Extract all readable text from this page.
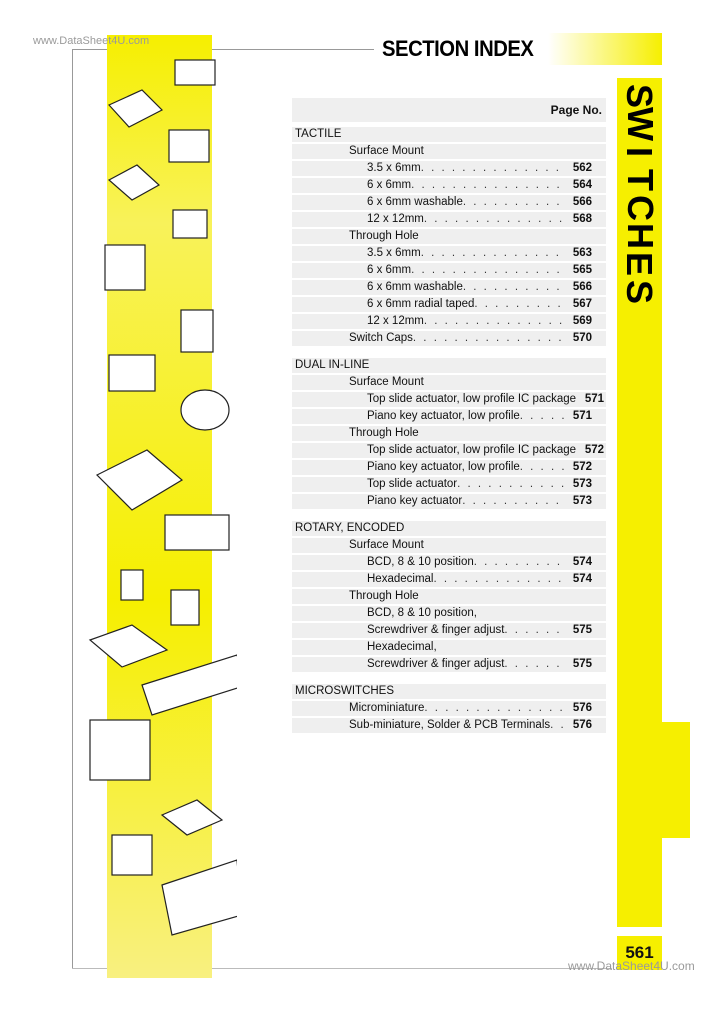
www.DataSheet4U.com	SECTION INDEX
S
W
I
T
C
H
E
S
561
www.DataSheet4U.com
Page No.
TACTILE
Surface Mount
3.5 x 6mm . . .	562
6 x 6mm . . .	564
6 x 6mm washable . . .	566
12 x 12mm . . .	568
Through Hole
3.5 x 6mm . . .	563
6 x 6mm . . .	565
6 x 6mm washable . . .	566
6 x 6mm radial taped . . .	567
12 x 12mm . . .	569
Switch Caps . . .	570
DUAL IN-LINE
Surface Mount
Top slide actuator, low profile IC package 571
Piano key actuator, low profile . . .	571
Through Hole
Top slide actuator, low profile IC package 572
Piano key actuator, low profile . . .	572
Top slide actuator . . .	573
Piano key actuator . . .	573
ROTARY, ENCODED
Surface Mount
BCD, 8 & 10 position . . .	574
Hexadecimal . . .	574
Through Hole
BCD, 8 & 10 position,
Screwdriver & finger adjust . . .	575
Hexadecimal,
Screwdriver & finger adjust . . .	575
MICROSWITCHES
Microminiature . . .	576
Sub-miniature, Solder & PCB Terminals . . .	576
